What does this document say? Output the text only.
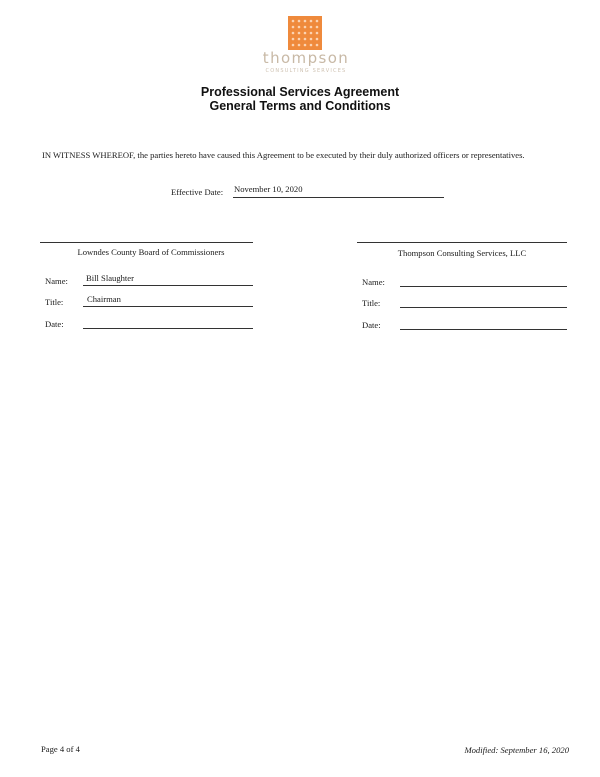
thompson
CONSULTING SERVICES
Professional Services Agreement
General Terms and Conditions
IN WITNESS WHEREOF, the parties hereto have caused this Agreement to be executed by their duly authorized officers or representatives.
Effective Date: November 10, 2020
Lowndes County Board of Commissioners
Name: Bill Slaughter
Title:	Chairman
Date:
Thompson Consulting Services, LLC
Name:
Title:
Date:
Page 4 of 4	Modified: September 16, 2020
